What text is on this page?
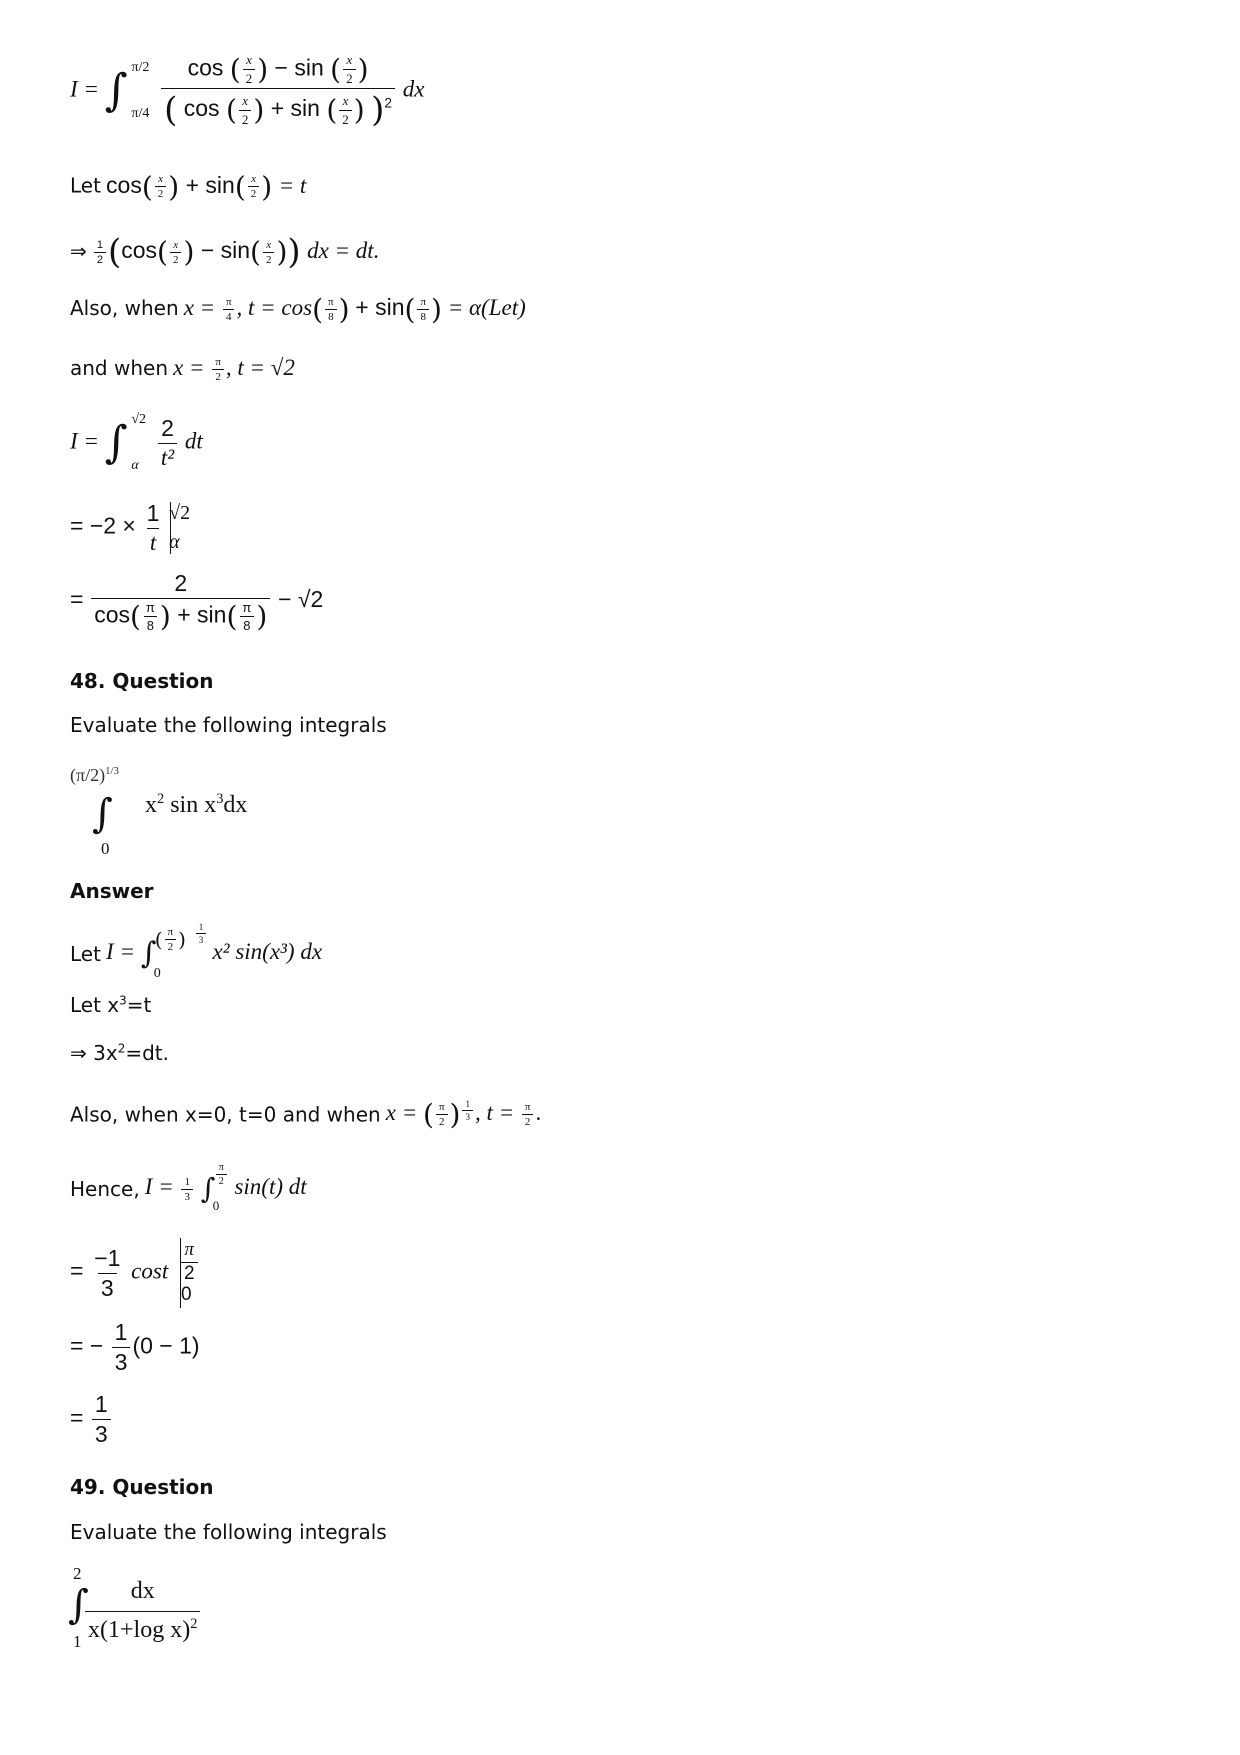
I = ∫ π/2
π/4

cos ( $\frac{x}{2}$ ) − sin ( $\frac{x}{2}$ )
( cos ( $\frac{x}{2}$ ) + sin ( $\frac{x}{2}$ ) )$^2$
dx
Let $\cos( \frac{x}{2}$ ) + $\sin( \frac{x}{2}$ ) = t
⇒ $\frac{1}{2} (\cos( \frac{x}{2}$ ) − $\sin( \frac{x}{2}$ )) dx = dt.
Also, when $x = \frac{\pi}{4}$ , $t = \cos( \frac{\pi}{8}$ ) + $\sin( \frac{\pi}{8}$ ) = α(Let)
and when $x = \frac{\pi}{2}$ , t = √2
I = ∫ √2
α
$\frac{2}{\text{t²}}$ dt
= $-2 \times \frac{1}{t}$
√2
α
= $\frac{2}{\cos( \frac{\pi}{8} ) + \sin( \frac{\pi}{8} )} - √2$
48. Question
Evaluate the following integrals
$(\pi/2)^{1/3}$
∫
0
$x^2$ $\sin x^3dx$
Answer
Let I = ∫
( $\frac{\pi}{2}$ ) $\frac{1}{3}$
0
x² sin(x³) dx
Let $x^3=t$
⇒ $3x^2=dt$.
Also, when x=0, t=0 and when x = ( $\frac{\pi}{2}$ ) $\frac{1}{3}$ , $t = \frac{\pi}{2}$ .
Hence, $I = \frac{1}{3}$
∫ $\frac{\pi}{2}$
0
sin(t) dt
= $\frac{-1}{3}$ cost $\frac{\pi}{2}$

0
= − $\frac{1}{3} (0 - 1)$
= $\frac{1}{3}$
49. Question
Evaluate the following integrals
2
∫
$1 \frac{dx}{x(1+\log x)^2}$
